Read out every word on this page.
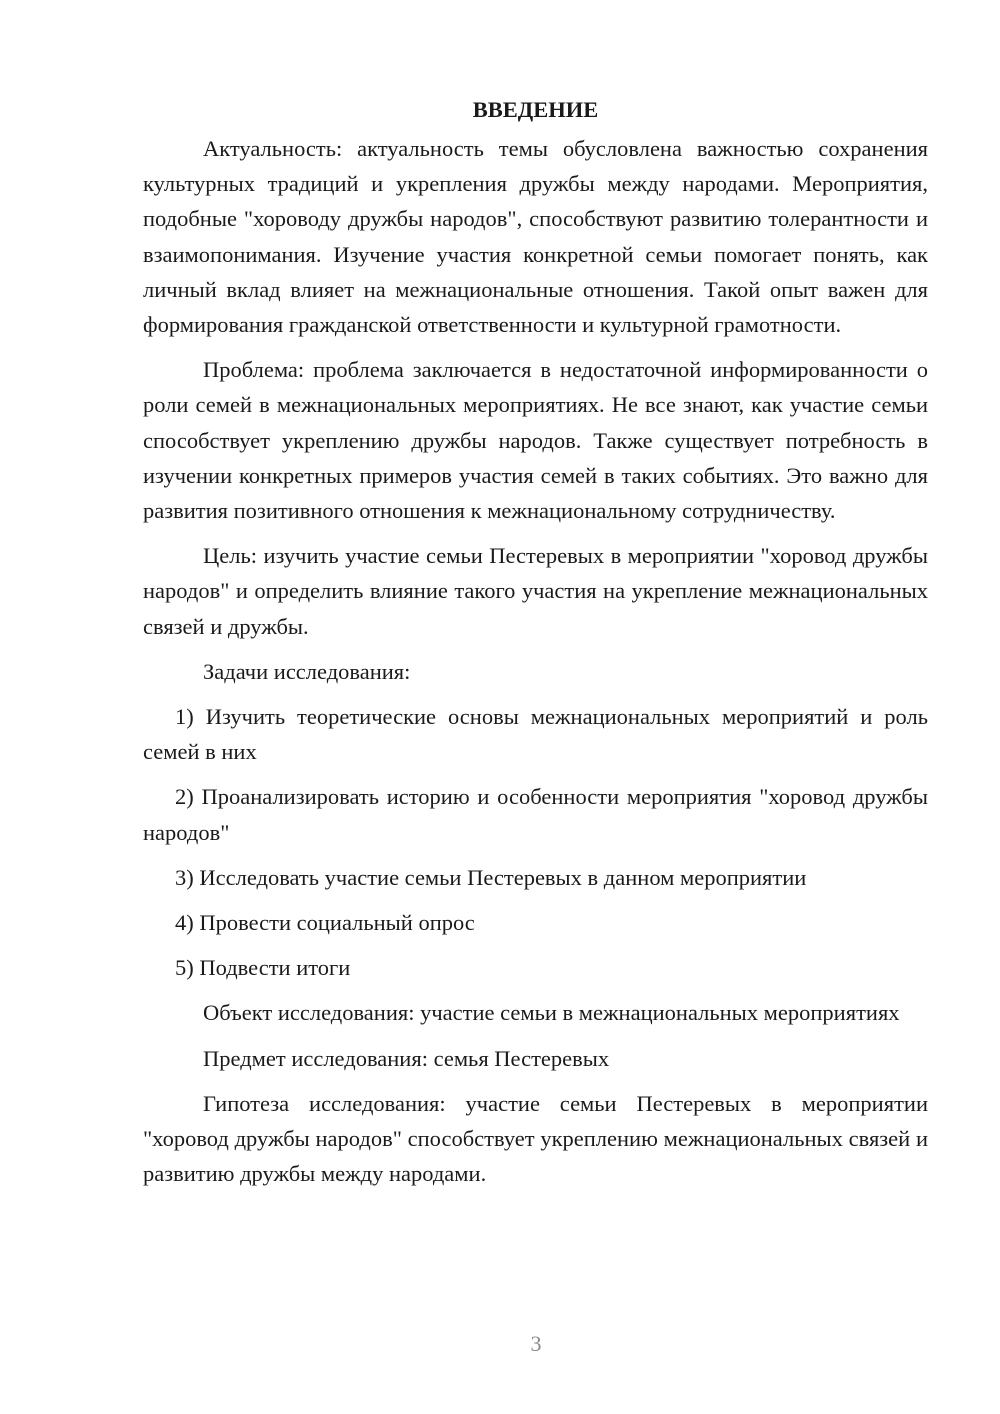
ВВЕДЕНИЕ

Актуальность: актуальность темы обусловлена важностью сохранения культурных традиций и укрепления дружбы между народами. Мероприятия, подобные "хороводу дружбы народов", способствуют развитию толерантности и взаимопонимания. Изучение участия конкретной семьи помогает понять, как личный вклад влияет на межнациональные отношения. Такой опыт важен для формирования гражданской ответственности и культурной грамотности.

Проблема: проблема заключается в недостаточной информированности о роли семей в межнациональных мероприятиях. Не все знают, как участие семьи способствует укреплению дружбы народов. Также существует потребность в изучении конкретных примеров участия семей в таких событиях. Это важно для развития позитивного отношения к межнациональному сотрудничеству.

Цель: изучить участие семьи Пестеревых в мероприятии "хоровод дружбы народов" и определить влияние такого участия на укрепление межнациональных связей и дружбы.

Задачи исследования:

1) Изучить теоретические основы межнациональных мероприятий и роль семей в них

2) Проанализировать историю и особенности мероприятия "хоровод дружбы народов"

3) Исследовать участие семьи Пестеревых в данном мероприятии

4) Провести социальный опрос

5) Подвести итоги

Объект исследования: участие семьи в межнациональных мероприятиях

Предмет исследования: семья Пестеревых

Гипотеза исследования: участие семьи Пестеревых в мероприятии "хоровод дружбы народов" способствует укреплению межнациональных связей и развитию дружбы между народами.

3
